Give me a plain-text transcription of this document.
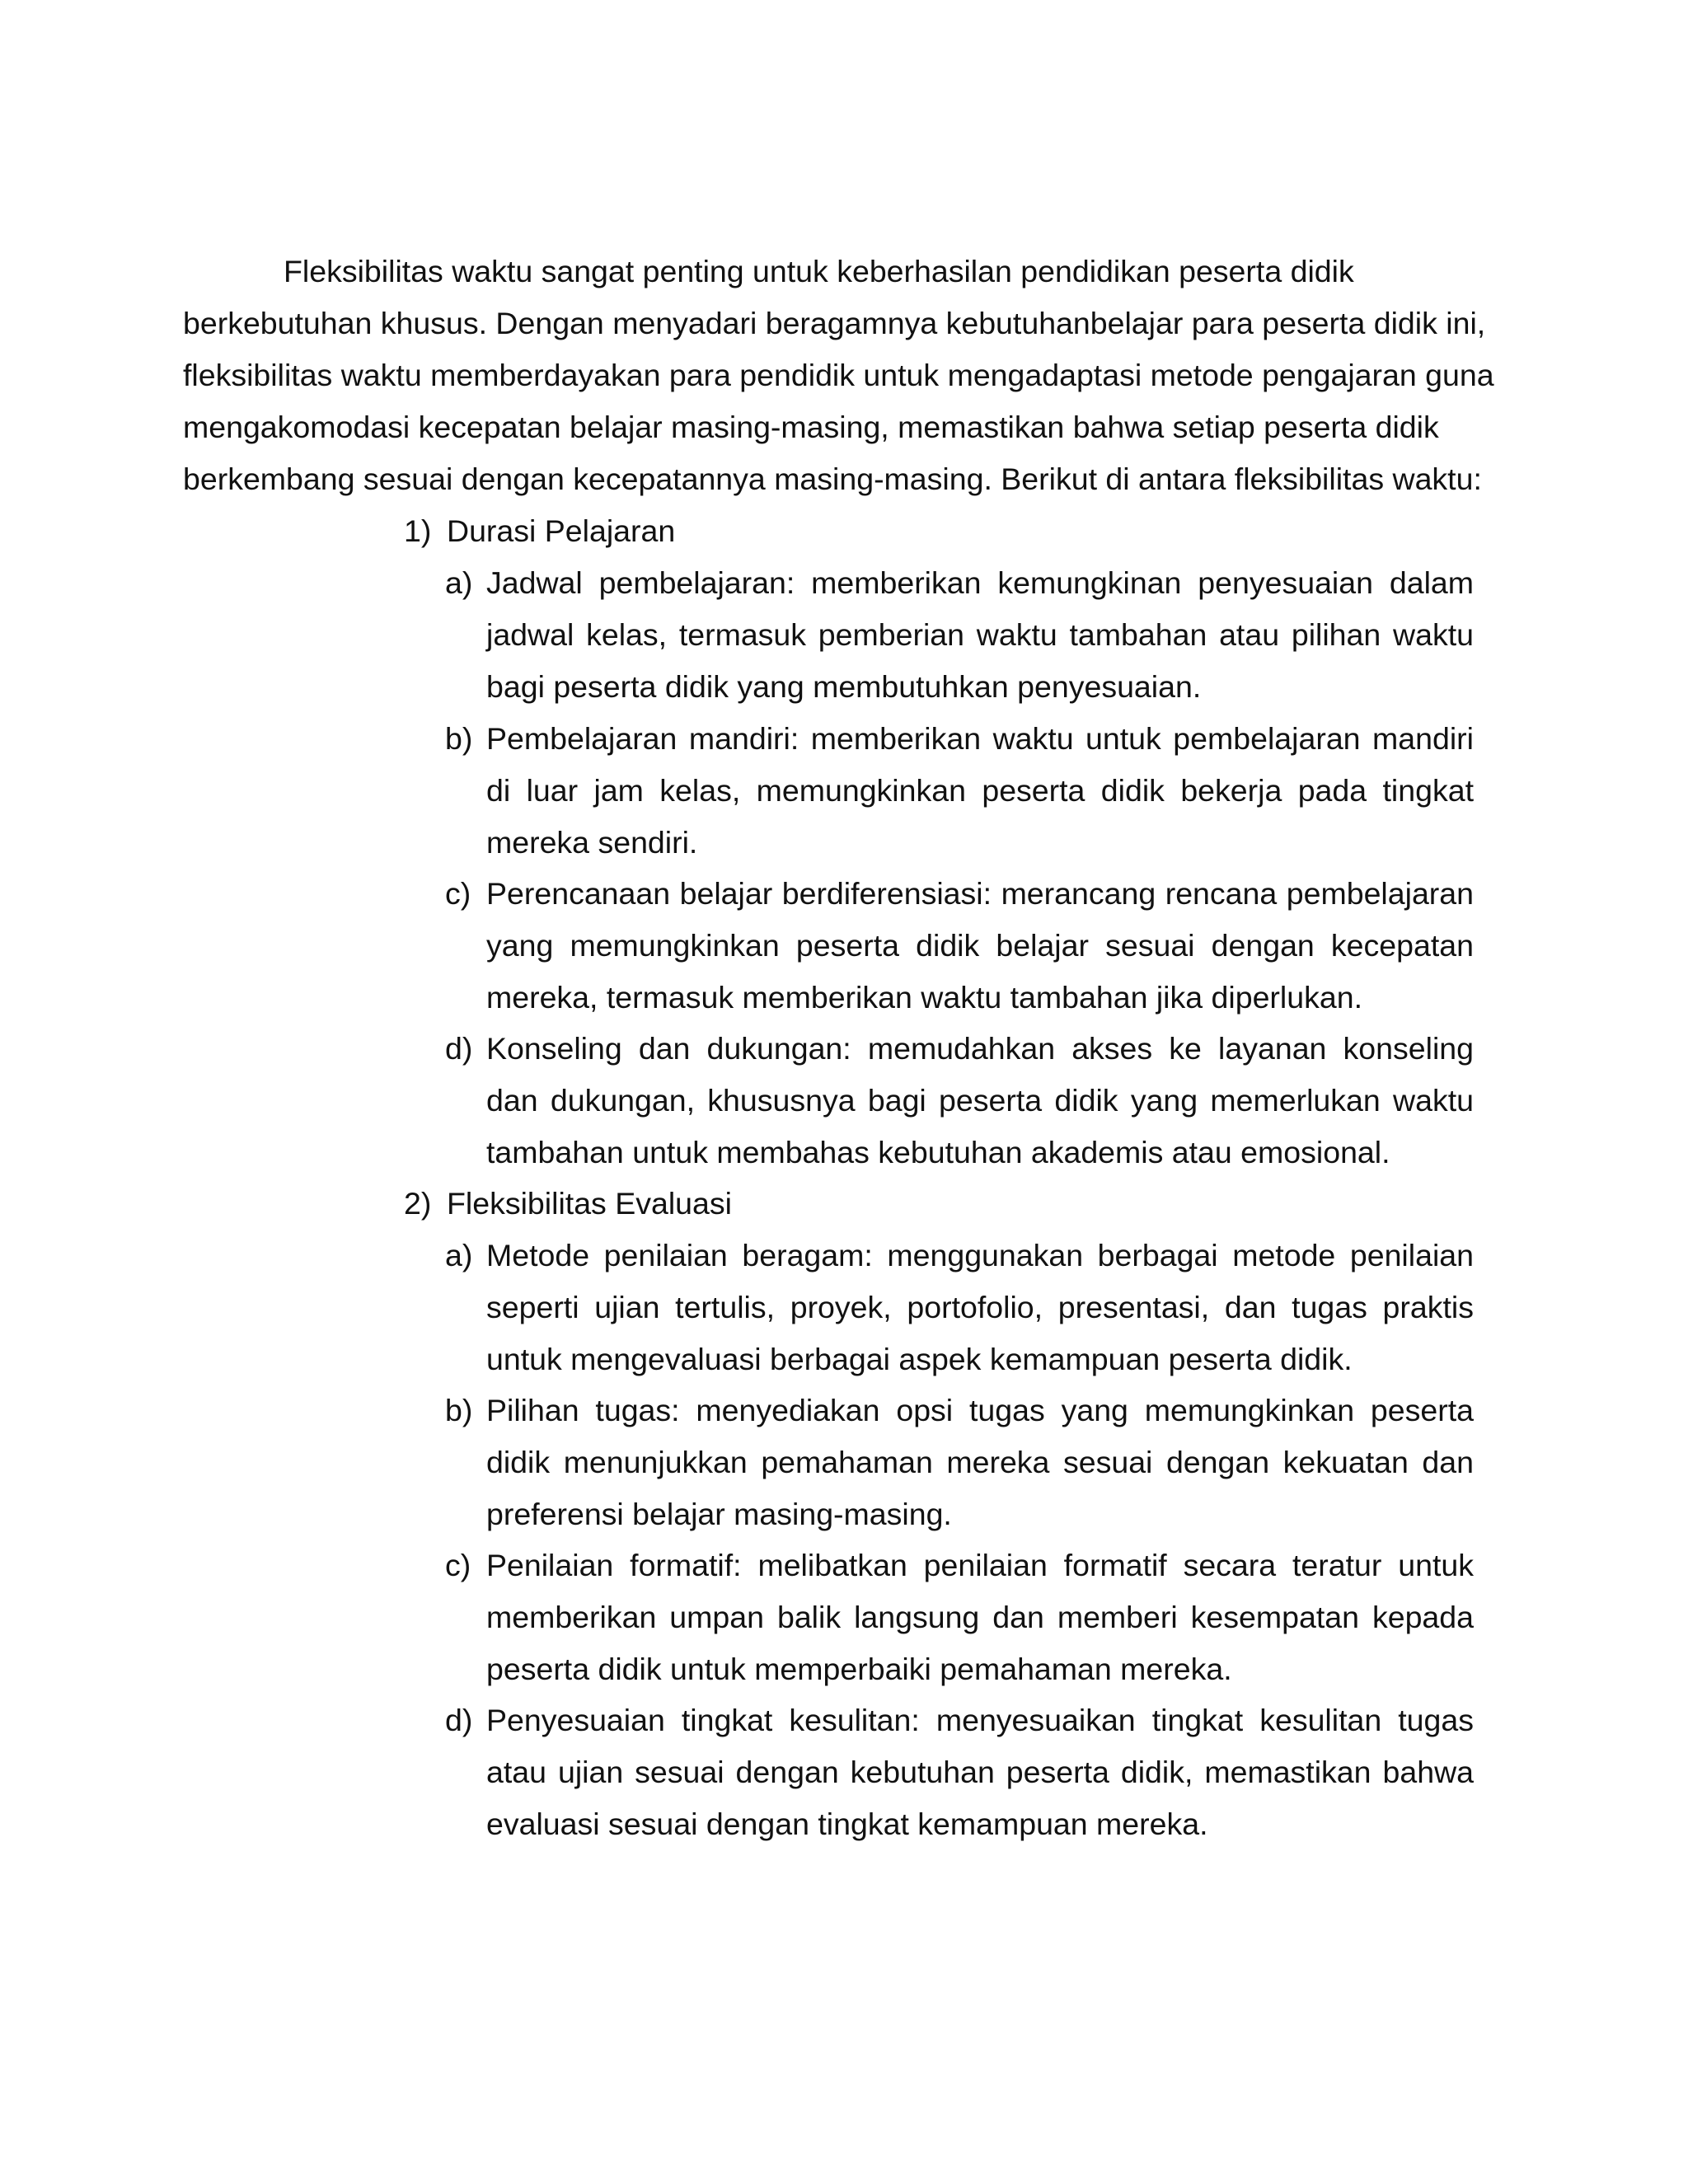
Fleksibilitas waktu sangat penting untuk keberhasilan pendidikan peserta didik
berkebutuhan khusus. Dengan menyadari beragamnya kebutuhanbelajar para peserta didik ini,
fleksibilitas waktu memberdayakan para pendidik untuk mengadaptasi metode pengajaran guna
mengakomodasi kecepatan belajar masing-masing, memastikan bahwa setiap peserta didik
berkembang sesuai dengan kecepatannya masing-masing. Berikut di antara fleksibilitas waktu:

1) Durasi Pelajaran
a) Jadwal pembelajaran: memberikan kemungkinan penyesuaian dalam jadwal kelas, termasuk pemberian waktu tambahan atau pilihan waktu bagi peserta didik yang membutuhkan penyesuaian.
b) Pembelajaran mandiri: memberikan waktu untuk pembelajaran mandiri di luar jam kelas, memungkinkan peserta didik bekerja pada tingkat mereka sendiri.
c) Perencanaan belajar berdiferensiasi: merancang rencana pembelajaran yang memungkinkan peserta didik belajar sesuai dengan kecepatan mereka, termasuk memberikan waktu tambahan jika diperlukan.
d) Konseling dan dukungan: memudahkan akses ke layanan konseling dan dukungan, khususnya bagi peserta didik yang memerlukan waktu tambahan untuk membahas kebutuhan akademis atau emosional.
2) Fleksibilitas Evaluasi
a) Metode penilaian beragam: menggunakan berbagai metode penilaian seperti ujian tertulis, proyek, portofolio, presentasi, dan tugas praktis untuk mengevaluasi berbagai aspek kemampuan peserta didik.
b) Pilihan tugas: menyediakan opsi tugas yang memungkinkan peserta didik menunjukkan pemahaman mereka sesuai dengan kekuatan dan preferensi belajar masing-masing.
c) Penilaian formatif: melibatkan penilaian formatif secara teratur untuk memberikan umpan balik langsung dan memberi kesempatan kepada peserta didik untuk memperbaiki pemahaman mereka.
d) Penyesuaian tingkat kesulitan: menyesuaikan tingkat kesulitan tugas atau ujian sesuai dengan kebutuhan peserta didik, memastikan bahwa evaluasi sesuai dengan tingkat kemampuan mereka.
